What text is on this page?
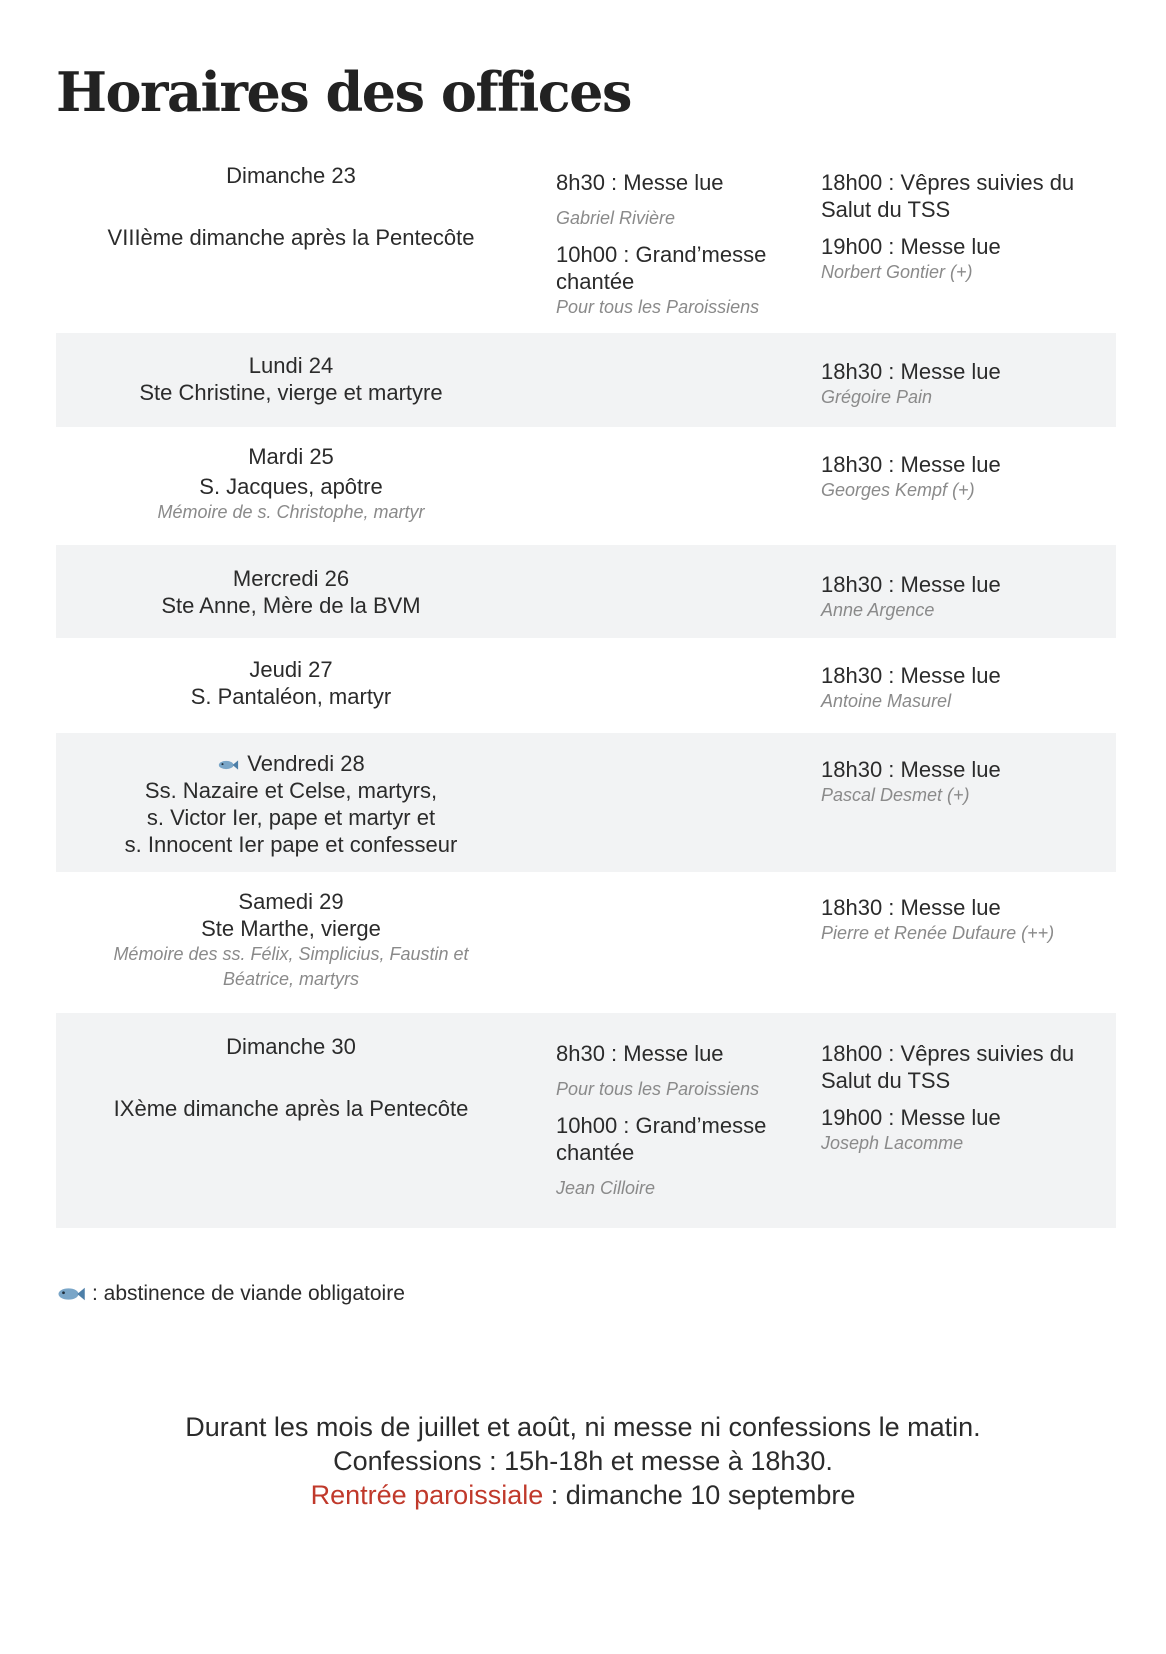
Horaires des offices
Dimanche 23
VIIIème dimanche après la Pentecôte
8h30 : Messe lue
Gabriel Rivière
10h00 : Grand’messe chantée
Pour tous les Paroissiens
18h00 : Vêpres suivies du Salut du TSS
19h00 : Messe lue
Norbert Gontier (+)
Lundi 24
Ste Christine, vierge et martyre
18h30 : Messe lue
Grégoire Pain
Mardi 25
S. Jacques, apôtre
Mémoire de s. Christophe, martyr
18h30 : Messe lue
Georges Kempf (+)
Mercredi 26
Ste Anne, Mère de la BVM
18h30 : Messe lue
Anne Argence
Jeudi 27
S. Pantaléon, martyr
18h30 : Messe lue
Antoine Masurel
Vendredi 28
Ss. Nazaire et Celse, martyrs,
s. Victor Ier, pape et martyr et
s. Innocent Ier pape et confesseur
18h30 : Messe lue
Pascal Desmet (+)
Samedi 29
Ste Marthe, vierge
Mémoire des ss. Félix, Simplicius, Faustin et
Béatrice, martyrs
18h30 : Messe lue
Pierre et Renée Dufaure (++)
Dimanche 30
IXème dimanche après la Pentecôte
8h30 : Messe lue
Pour tous les Paroissiens
10h00 : Grand’messe chantée
Jean Cilloire
18h00 : Vêpres suivies du Salut du TSS
19h00 : Messe lue
Joseph Lacomme
: abstinence de viande obligatoire
Durant les mois de juillet et août, ni messe ni confessions le matin.
Confessions : 15h-18h et messe à 18h30.
Rentrée paroissiale : dimanche 10 septembre
